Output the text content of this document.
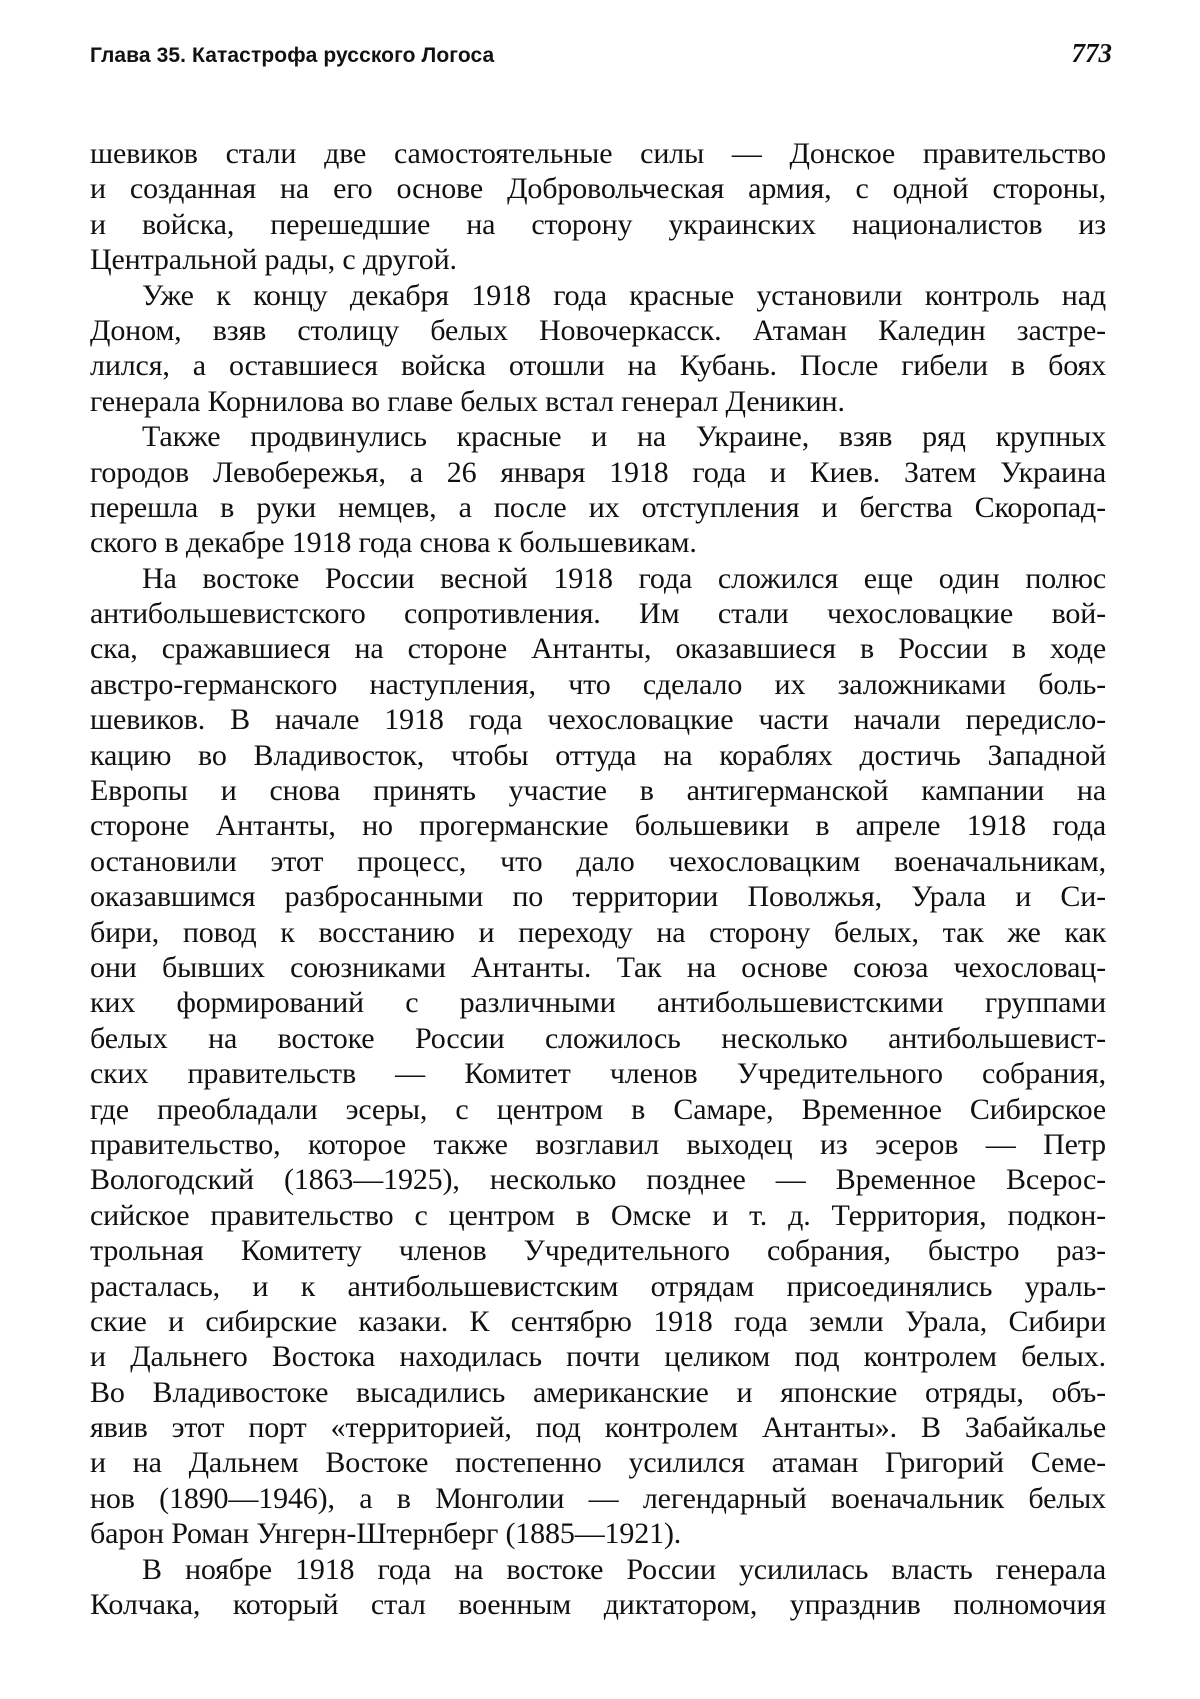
Глава 35. Катастрофа русского Логоса	773
шевиков стали две самостоятельные силы — Донское правительство
и созданная на его основе Добровольческая армия, с одной стороны,
и войска, перешедшие на сторону украинских националистов из
Центральной рады, с другой.
Уже к концу декабря 1918 года красные установили контроль над
Доном, взяв столицу белых Новочеркасск. Атаман Каледин застре-
лился, а оставшиеся войска отошли на Кубань. После гибели в боях
генерала Корнилова во главе белых встал генерал Деникин.
Также продвинулись красные и на Украине, взяв ряд крупных
городов Левобережья, а 26 января 1918 года и Киев. Затем Украина
перешла в руки немцев, а после их отступления и бегства Скоропад-
ского в декабре 1918 года снова к большевикам.
На востоке России весной 1918 года сложился еще один полюс
антибольшевистского сопротивления. Им стали чехословацкие вой-
ска, сражавшиеся на стороне Антанты, оказавшиеся в России в ходе
австро-германского наступления, что сделало их заложниками боль-
шевиков. В начале 1918 года чехословацкие части начали передисло-
кацию во Владивосток, чтобы оттуда на кораблях достичь Западной
Европы и снова принять участие в антигерманской кампании на
стороне Антанты, но прогерманские большевики в апреле 1918 года
остановили этот процесс, что дало чехословацким военачальникам,
оказавшимся разбросанными по территории Поволжья, Урала и Си-
бири, повод к восстанию и переходу на сторону белых, так же как
они бывших союзниками Антанты. Так на основе союза чехословац-
ких формирований с различными антибольшевистскими группами
белых на востоке России сложилось несколько антибольшевист-
ских правительств — Комитет членов Учредительного собрания,
где преобладали эсеры, с центром в Самаре, Временное Сибирское
правительство, которое также возглавил выходец из эсеров — Петр
Вологодский (1863—1925), несколько позднее — Временное Всерос-
сийское правительство с центром в Омске и т. д. Территория, подкон-
трольная Комитету членов Учредительного собрания, быстро раз-
расталась, и к антибольшевистским отрядам присоединялись ураль-
ские и сибирские казаки. К сентябрю 1918 года земли Урала, Сибири
и Дальнего Востока находилась почти целиком под контролем белых.
Во Владивостоке высадились американские и японские отряды, объ-
явив этот порт «территорией, под контролем Антанты». В Забайкалье
и на Дальнем Востоке постепенно усилился атаман Григорий Семе-
нов (1890—1946), а в Монголии — легендарный военачальник белых
барон Роман Унгерн-Штернберг (1885—1921).
В ноябре 1918 года на востоке России усилилась власть генерала
Колчака, который стал военным диктатором, упразднив полномочия
